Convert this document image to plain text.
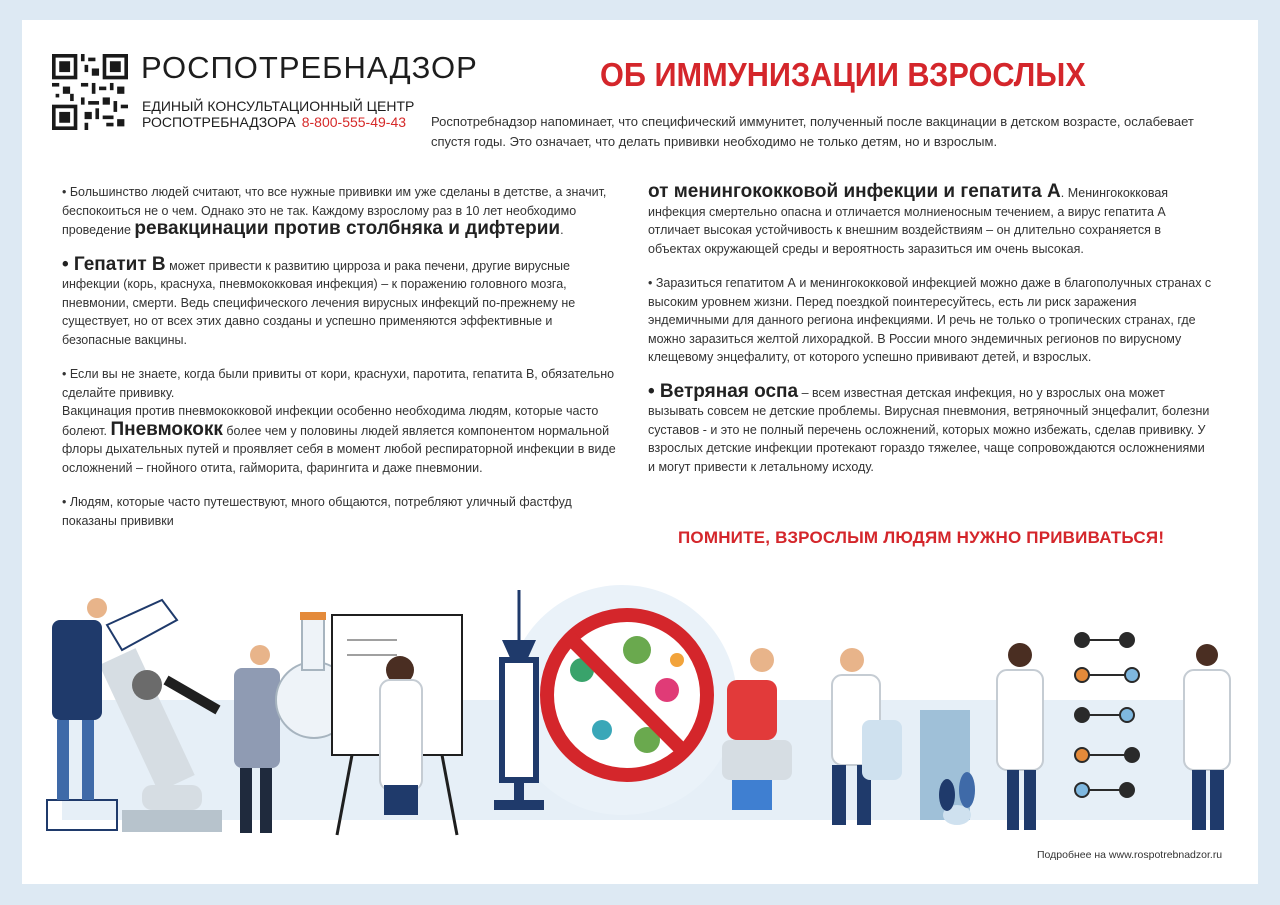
РОСПОТРЕБНАДЗОР
ЕДИНЫЙ КОНСУЛЬТАЦИОННЫЙ ЦЕНТР
РОСПОТРЕБНАДЗОРА 8-800-555-49-43
ОБ ИММУНИЗАЦИИ ВЗРОСЛЫХ
Роспотребнадзор напоминает, что специфический иммунитет, полученный после вакцинации в детском возрасте, ослабевает спустя годы. Это означает, что делать прививки необходимо не только детям, но и взрослым.

• Большинство людей считают, что все нужные прививки им уже сделаны в детстве, а значит, беспокоиться не о чем. Однако это не так. Каждому взрослому раз в 10 лет необходимо проведение ревакцинации против столбняка и дифтерии.

• Гепатит В может привести к развитию цирроза и рака печени, другие вирусные инфекции (корь, краснуха, пневмококковая инфекция) – к поражению головного мозга, пневмонии, смерти. Ведь специфического лечения вирусных инфекций по-прежнему не существует, но от всех этих давно созданы и успешно применяются эффективные и безопасные вакцины.

• Если вы не знаете, когда были привиты от кори, краснухи, паротита, гепатита В, обязательно сделайте прививку.
Вакцинация против пневмококковой инфекции особенно необходима людям, которые часто болеют. Пневмококк более чем у половины людей является компонентом нормальной флоры дыхательных путей и проявляет себя в момент любой респираторной инфекции в виде осложнений – гнойного отита, гайморита, фарингита и даже пневмонии.

• Людям, которые часто путешествуют, много общаются, потребляют уличный фастфуд показаны прививки

от менингококковой инфекции и гепатита А. Менингококковая инфекция смертельно опасна и отличается молниеносным течением, а вирус гепатита А отличает высокая устойчивость к внешним воздействиям – он длительно сохраняется в объектах окружающей среды и вероятность заразиться им очень высокая.

• Заразиться гепатитом А и менингококковой инфекцией можно даже в благополучных странах с высоким уровнем жизни. Перед поездкой поинтересуйтесь, есть ли риск заражения эндемичными для данного региона инфекциями. И речь не только о тропических странах, где можно заразиться желтой лихорадкой. В России много эндемичных регионов по вирусному клещевому энцефалиту, от которого успешно прививают детей, и взрослых.

• Ветряная оспа – всем известная детская инфекция, но у взрослых она может вызывать совсем не детские проблемы. Вирусная пневмония, ветряночный энцефалит, болезни суставов - и это не полный перечень осложнений, которых можно избежать, сделав прививку. У взрослых детские инфекции протекают гораздо тяжелее, чаще сопровождаются осложнениями и могут привести к летальному исходу.

ПОМНИТЕ, ВЗРОСЛЫМ ЛЮДЯМ НУЖНО ПРИВИВАТЬСЯ!
Подробнее на www.rospotrebnadzor.ru
